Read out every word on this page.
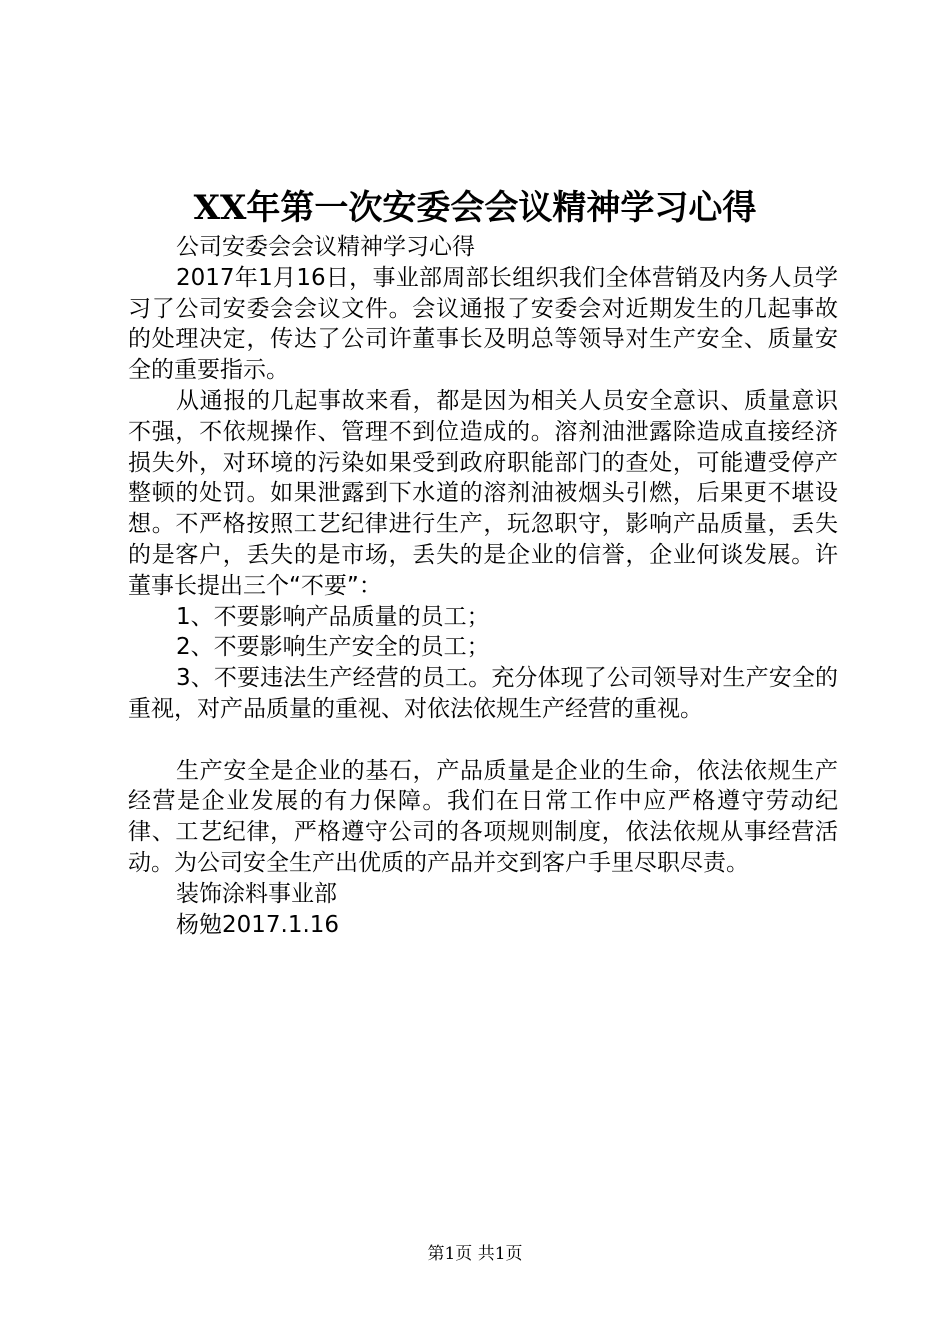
XX年第一次安委会会议精神学习心得

公司安委会会议精神学习心得

2017年1月16日，事业部周部长组织我们全体营销及内务人员学习了公司安委会会议文件。会议通报了安委会对近期发生的几起事故的处理决定，传达了公司许董事长及明总等领导对生产安全、质量安全的重要指示。

从通报的几起事故来看，都是因为相关人员安全意识、质量意识不强，不依规操作、管理不到位造成的。溶剂油泄露除造成直接经济损失外，对环境的污染如果受到政府职能部门的查处，可能遭受停产整顿的处罚。如果泄露到下水道的溶剂油被烟头引燃，后果更不堪设想。不严格按照工艺纪律进行生产，玩忽职守，影响产品质量，丢失的是客户，丢失的是市场，丢失的是企业的信誉，企业何谈发展。许董事长提出三个“不要”：

1、不要影响产品质量的员工；

2、不要影响生产安全的员工；

3、不要违法生产经营的员工。充分体现了公司领导对生产安全的重视，对产品质量的重视、对依法依规生产经营的重视。

生产安全是企业的基石，产品质量是企业的生命，依法依规生产经营是企业发展的有力保障。我们在日常工作中应严格遵守劳动纪律、工艺纪律，严格遵守公司的各项规则制度，依法依规从事经营活动。为公司安全生产出优质的产品并交到客户手里尽职尽责。

装饰涂料事业部

杨勉2017.1.16

第1页 共1页
